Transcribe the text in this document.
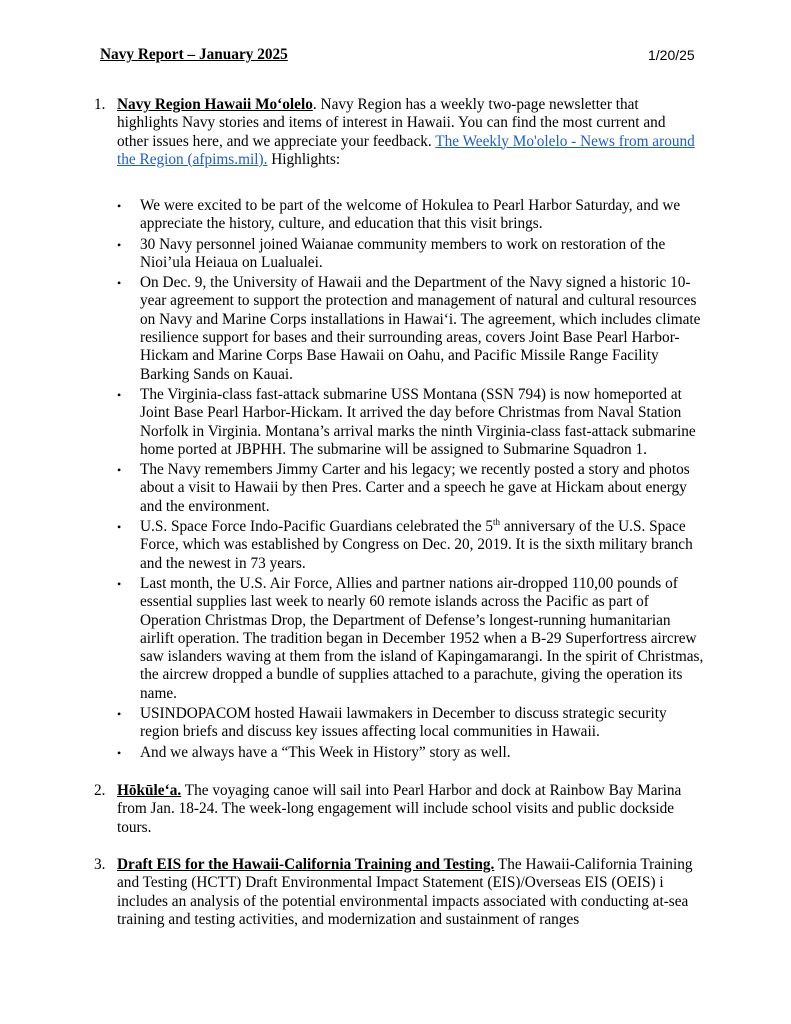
Navy Report – January 2025	1/20/25
1. Navy Region Hawaii Mo‘olelo. Navy Region has a weekly two-page newsletter that highlights Navy stories and items of interest in Hawaii. You can find the most current and other issues here, and we appreciate your feedback. The Weekly Mo'olelo - News from around the Region (afpims.mil). Highlights:
• We were excited to be part of the welcome of Hokulea to Pearl Harbor Saturday, and we appreciate the history, culture, and education that this visit brings.
• 30 Navy personnel joined Waianae community members to work on restoration of the Nioi’ula Heiaua on Lualualei.
• On Dec. 9, the University of Hawaii and the Department of the Navy signed a historic 10-year agreement to support the protection and management of natural and cultural resources on Navy and Marine Corps installations in Hawai‘i. The agreement, which includes climate resilience support for bases and their surrounding areas, covers Joint Base Pearl Harbor-Hickam and Marine Corps Base Hawaii on Oahu, and Pacific Missile Range Facility Barking Sands on Kauai.
• The Virginia-class fast-attack submarine USS Montana (SSN 794) is now homeported at Joint Base Pearl Harbor-Hickam. It arrived the day before Christmas from Naval Station Norfolk in Virginia. Montana’s arrival marks the ninth Virginia-class fast-attack submarine home ported at JBPHH. The submarine will be assigned to Submarine Squadron 1.
• The Navy remembers Jimmy Carter and his legacy; we recently posted a story and photos about a visit to Hawaii by then Pres. Carter and a speech he gave at Hickam about energy and the environment.
• U.S. Space Force Indo-Pacific Guardians celebrated the 5th anniversary of the U.S. Space Force, which was established by Congress on Dec. 20, 2019. It is the sixth military branch and the newest in 73 years.
• Last month, the U.S. Air Force, Allies and partner nations air-dropped 110,00 pounds of essential supplies last week to nearly 60 remote islands across the Pacific as part of Operation Christmas Drop, the Department of Defense’s longest-running humanitarian airlift operation. The tradition began in December 1952 when a B-29 Superfortress aircrew saw islanders waving at them from the island of Kapingamarangi. In the spirit of Christmas, the aircrew dropped a bundle of supplies attached to a parachute, giving the operation its name.
• USINDOPACOM hosted Hawaii lawmakers in December to discuss strategic security region briefs and discuss key issues affecting local communities in Hawaii.
• And we always have a “This Week in History” story as well.
2. Hōkūle‘a. The voyaging canoe will sail into Pearl Harbor and dock at Rainbow Bay Marina from Jan. 18-24. The week-long engagement will include school visits and public dockside tours.
3. Draft EIS for the Hawaii-California Training and Testing. The Hawaii-California Training and Testing (HCTT) Draft Environmental Impact Statement (EIS)/Overseas EIS (OEIS) i includes an analysis of the potential environmental impacts associated with conducting at-sea training and testing activities, and modernization and sustainment of ranges
